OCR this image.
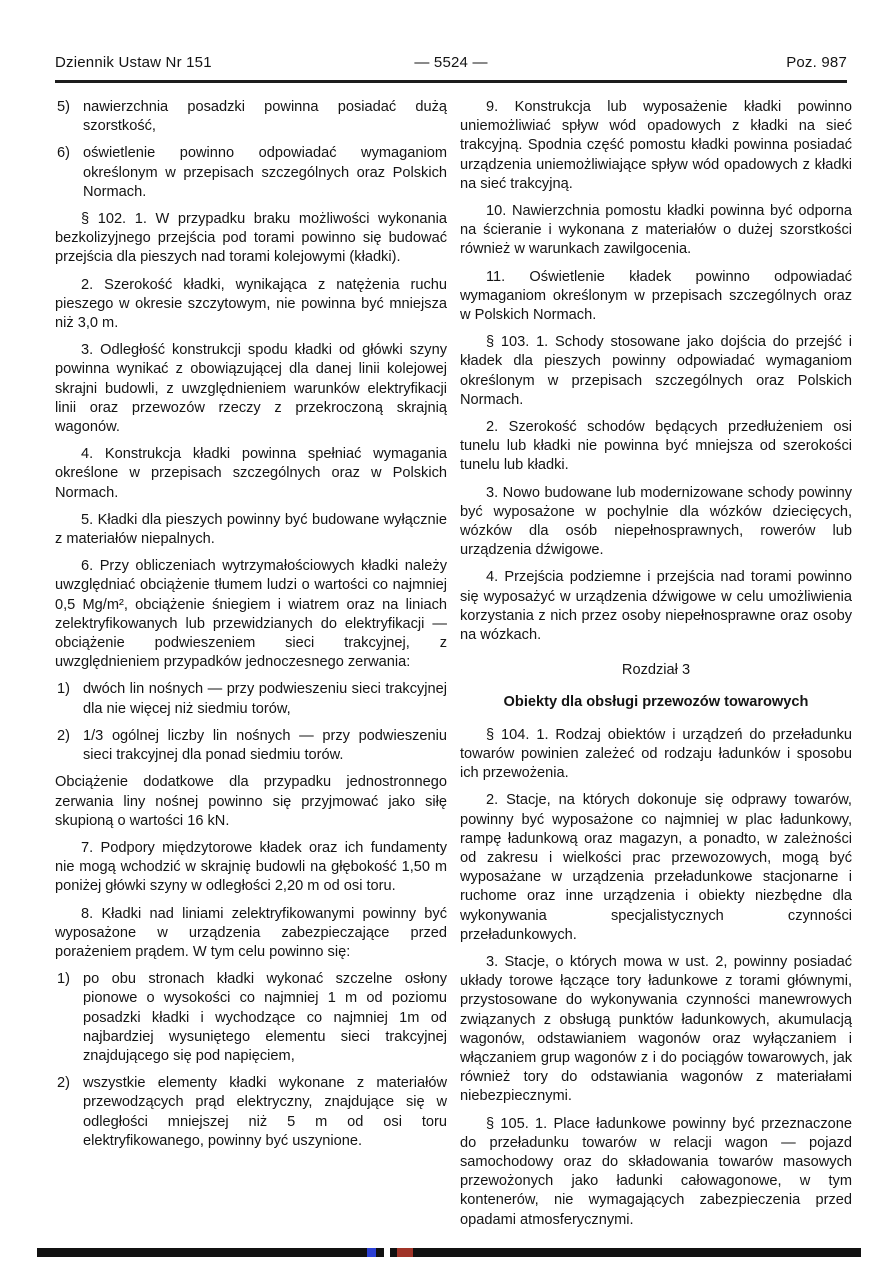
Dziennik Ustaw Nr 151	— 5524 —	Poz. 987
5) nawierzchnia posadzki powinna posiadać dużą szorstkość,
6) oświetlenie powinno odpowiadać wymaganiom określonym w przepisach szczególnych oraz Polskich Normach.
§ 102. 1. W przypadku braku możliwości wykonania bezkolizyjnego przejścia pod torami powinno się budować przejścia dla pieszych nad torami kolejowymi (kładki).
2. Szerokość kładki, wynikająca z natężenia ruchu pieszego w okresie szczytowym, nie powinna być mniejsza niż 3,0 m.
3. Odległość konstrukcji spodu kładki od główki szyny powinna wynikać z obowiązującej dla danej linii kolejowej skrajni budowli, z uwzględnieniem warunków elektryfikacji linii oraz przewozów rzeczy z przekroczoną skrajnią wagonów.
4. Konstrukcja kładki powinna spełniać wymagania określone w przepisach szczególnych oraz w Polskich Normach.
5. Kładki dla pieszych powinny być budowane wyłącznie z materiałów niepalnych.
6. Przy obliczeniach wytrzymałościowych kładki należy uwzględniać obciążenie tłumem ludzi o wartości co najmniej 0,5 Mg/m², obciążenie śniegiem i wiatrem oraz na liniach zelektryfikowanych lub przewidzianych do elektryfikacji — obciążenie podwieszeniem sieci trakcyjnej, z uwzględnieniem przypadków jednoczesnego zerwania:
1) dwóch lin nośnych — przy podwieszeniu sieci trakcyjnej dla nie więcej niż siedmiu torów,
2) 1/3 ogólnej liczby lin nośnych — przy podwieszeniu sieci trakcyjnej dla ponad siedmiu torów.
Obciążenie dodatkowe dla przypadku jednostronnego zerwania liny nośnej powinno się przyjmować jako siłę skupioną o wartości 16 kN.
7. Podpory międzytorowe kładek oraz ich fundamenty nie mogą wchodzić w skrajnię budowli na głębokość 1,50 m poniżej główki szyny w odległości 2,20 m od osi toru.
8. Kładki nad liniami zelektryfikowanymi powinny być wyposażone w urządzenia zabezpieczające przed porażeniem prądem. W tym celu powinno się:
1) po obu stronach kładki wykonać szczelne osłony pionowe o wysokości co najmniej 1 m od poziomu posadzki kładki i wychodzące co najmniej 1m od najbardziej wysuniętego elementu sieci trakcyjnej znajdującego się pod napięciem,
2) wszystkie elementy kładki wykonane z materiałów przewodzących prąd elektryczny, znajdujące się w odległości mniejszej niż 5 m od osi toru elektryfikowanego, powinny być uszynione.
9. Konstrukcja lub wyposażenie kładki powinno uniemożliwiać spływ wód opadowych z kładki na sieć trakcyjną. Spodnia część pomostu kładki powinna posiadać urządzenia uniemożliwiające spływ wód opadowych z kładki na sieć trakcyjną.
10. Nawierzchnia pomostu kładki powinna być odporna na ścieranie i wykonana z materiałów o dużej szorstkości również w warunkach zawilgocenia.
11. Oświetlenie kładek powinno odpowiadać wymaganiom określonym w przepisach szczególnych oraz w Polskich Normach.
§ 103. 1. Schody stosowane jako dojścia do przejść i kładek dla pieszych powinny odpowiadać wymaganiom określonym w przepisach szczególnych oraz Polskich Normach.
2. Szerokość schodów będących przedłużeniem osi tunelu lub kładki nie powinna być mniejsza od szerokości tunelu lub kładki.
3. Nowo budowane lub modernizowane schody powinny być wyposażone w pochylnie dla wózków dziecięcych, wózków dla osób niepełnosprawnych, rowerów lub urządzenia dźwigowe.
4. Przejścia podziemne i przejścia nad torami powinno się wyposażyć w urządzenia dźwigowe w celu umożliwienia korzystania z nich przez osoby niepełnosprawne oraz osoby na wózkach.
Rozdział 3
Obiekty dla obsługi przewozów towarowych
§ 104. 1. Rodzaj obiektów i urządzeń do przeładunku towarów powinien zależeć od rodzaju ładunków i sposobu ich przewożenia.
2. Stacje, na których dokonuje się odprawy towarów, powinny być wyposażone co najmniej w plac ładunkowy, rampę ładunkową oraz magazyn, a ponadto, w zależności od zakresu i wielkości prac przewozowych, mogą być wyposażane w urządzenia przeładunkowe stacjonarne i ruchome oraz inne urządzenia i obiekty niezbędne dla wykonywania specjalistycznych czynności przeładunkowych.
3. Stacje, o których mowa w ust. 2, powinny posiadać układy torowe łączące tory ładunkowe z torami głównymi, przystosowane do wykonywania czynności manewrowych związanych z obsługą punktów ładunkowych, akumulacją wagonów, odstawianiem wagonów oraz wyłączaniem i włączaniem grup wagonów z i do pociągów towarowych, jak również tory do odstawiania wagonów z materiałami niebezpiecznymi.
§ 105. 1. Place ładunkowe powinny być przeznaczone do przeładunku towarów w relacji wagon — pojazd samochodowy oraz do składowania towarów masowych przewożonych jako ładunki całowagonowe, w tym kontenerów, nie wymagających zabezpieczenia przed opadami atmosferycznymi.
